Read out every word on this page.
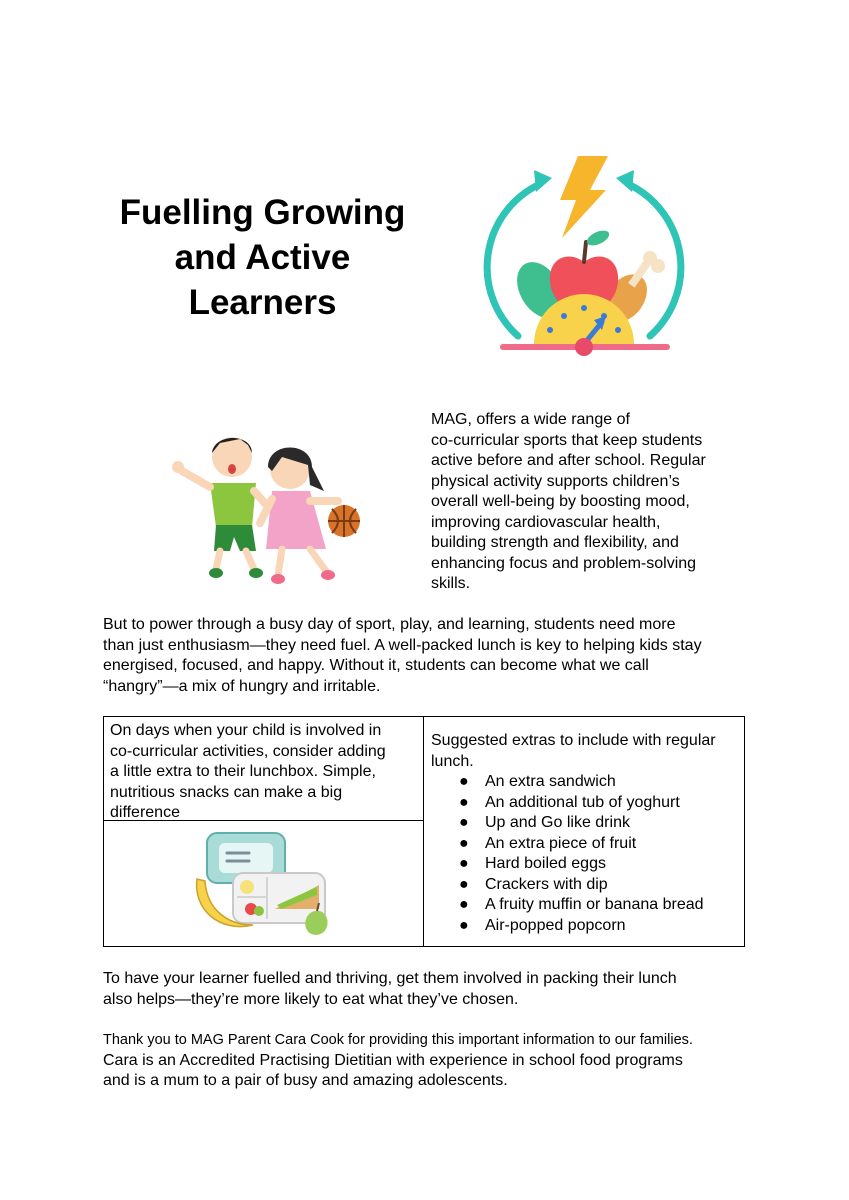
Fuelling Growing
and Active
Learners
MAG, offers a wide range of
co-curricular sports that keep students
active before and after school. Regular
physical activity supports children’s
overall well-being by boosting mood,
improving cardiovascular health,
building strength and flexibility, and
enhancing focus and problem-solving
skills.
But to power through a busy day of sport, play, and learning, students need more
than just enthusiasm—they need fuel. A well-packed lunch is key to helping kids stay
energised, focused, and happy. Without it, students can become what we call
“hangry”—a mix of hungry and irritable.
On days when your child is involved in
co-curricular activities, consider adding
a little extra to their lunchbox. Simple,
nutritious snacks can make a big
difference
Suggested extras to include with regular
lunch.
● An extra sandwich
● An additional tub of yoghurt
● Up and Go like drink
● An extra piece of fruit
● Hard boiled eggs
● Crackers with dip
● A fruity muffin or banana bread
● Air-popped popcorn
To have your learner fuelled and thriving, get them involved in packing their lunch
also helps—they’re more likely to eat what they’ve chosen.
Thank you to MAG Parent Cara Cook for providing this important information to our families.
Cara is an Accredited Practising Dietitian with experience in school food programs
and is a mum to a pair of busy and amazing adolescents.
